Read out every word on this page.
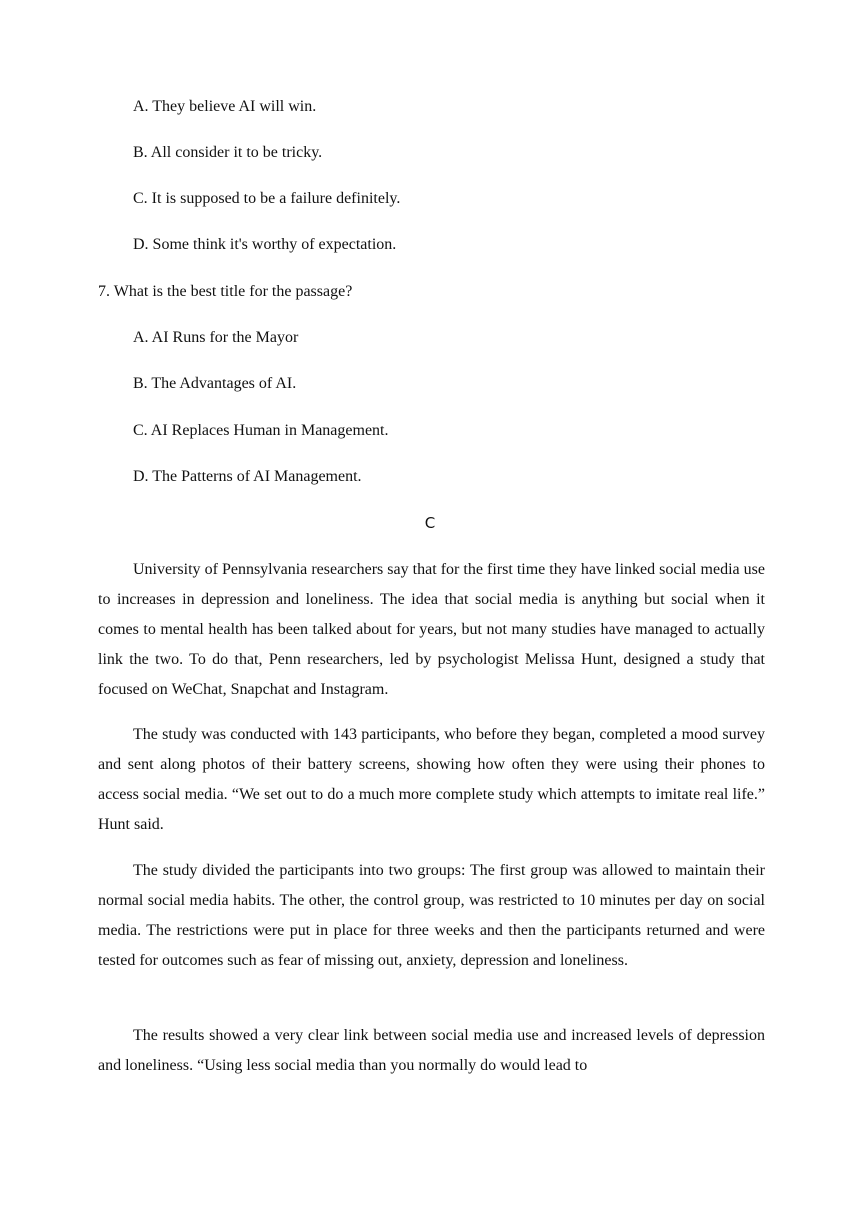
A. They believe AI will win.
B. All consider it to be tricky.
C. It is supposed to be a failure definitely.
D. Some think it's worthy of expectation.
7. What is the best title for the passage?
A. AI Runs for the Mayor
B. The Advantages of AI.
C. AI Replaces Human in Management.
D. The Patterns of AI Management.
C

University of Pennsylvania researchers say that for the first time they have linked social media use to increases in depression and loneliness. The idea that social media is anything but social when it comes to mental health has been talked about for years, but not many studies have managed to actually link the two. To do that, Penn researchers, led by psychologist Melissa Hunt, designed a study that focused on WeChat, Snapchat and Instagram.

The study was conducted with 143 participants, who before they began, completed a mood survey and sent along photos of their battery screens, showing how often they were using their phones to access social media. “We set out to do a much more complete study which attempts to imitate real life.” Hunt said.

The study divided the participants into two groups: The first group was allowed to maintain their normal social media habits. The other, the control group, was restricted to 10 minutes per day on social media. The restrictions were put in place for three weeks and then the participants returned and were tested for outcomes such as fear of missing out, anxiety, depression and loneliness.

The results showed a very clear link between social media use and increased levels of depression and loneliness. “Using less social media than you normally do would lead to
